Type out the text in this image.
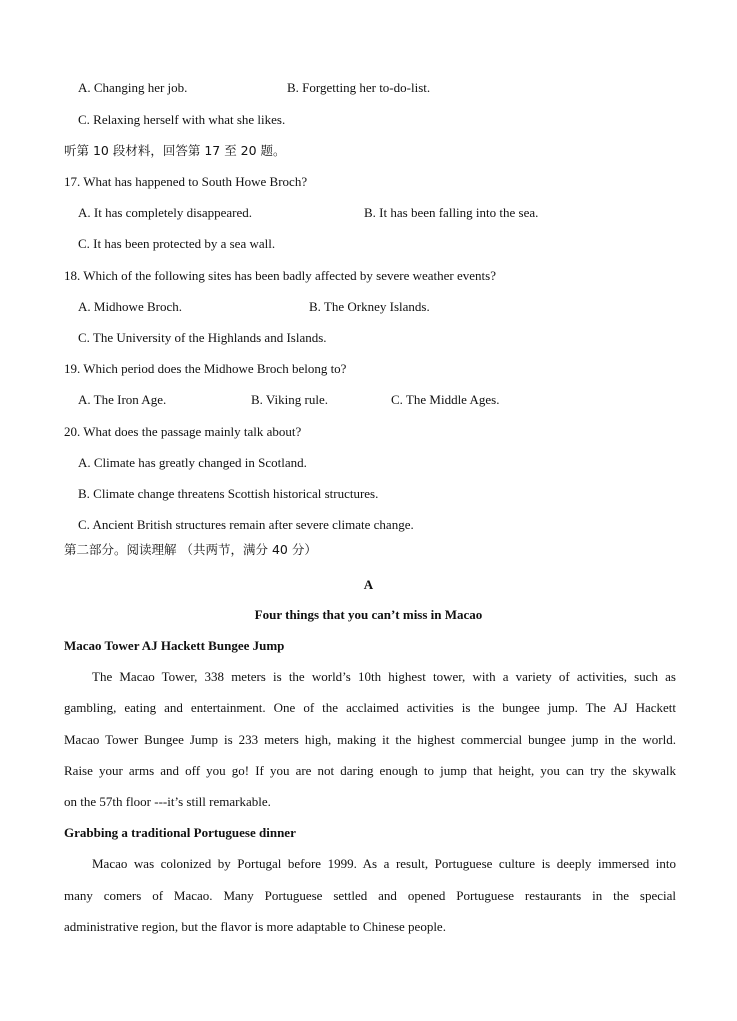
A. Changing her job.	B. Forgetting her to-do-list.
C. Relaxing herself with what she likes.
听第 10 段材料，回答第 17 至 20 题。
17. What has happened to South Howe Broch?
A. It has completely disappeared.	B. It has been falling into the sea.
C. It has been protected by a sea wall.
18. Which of the following sites has been badly affected by severe weather events?
A. Midhowe Broch.	B. The Orkney Islands.
C. The University of the Highlands and Islands.
19. Which period does the Midhowe Broch belong to?
A. The Iron Age.	B. Viking rule.	C. The Middle Ages.
20. What does the passage mainly talk about?
A. Climate has greatly changed in Scotland.
B. Climate change threatens Scottish historical structures.
C. Ancient British structures remain after severe climate change.
第二部分。阅读理解 （共两节，满分 40 分）
A
Four things that you can’t miss in Macao
Macao Tower AJ Hackett Bungee Jump
The Macao Tower, 338 meters is the world’s 10th highest tower, with a variety of activities, such as
gambling, eating and entertainment. One of the acclaimed activities is the bungee jump. The AJ Hackett
Macao Tower Bungee Jump is 233 meters high, making it the highest commercial bungee jump in the world.
Raise your arms and off you go! If you are not daring enough to jump that height, you can try the skywalk
on the 57th floor ---it’s still remarkable.
Grabbing a traditional Portuguese dinner
Macao was colonized by Portugal before 1999. As a result, Portuguese culture is deeply immersed into
many comers of Macao. Many Portuguese settled and opened Portuguese restaurants in the special
administrative region, but the flavor is more adaptable to Chinese people.
